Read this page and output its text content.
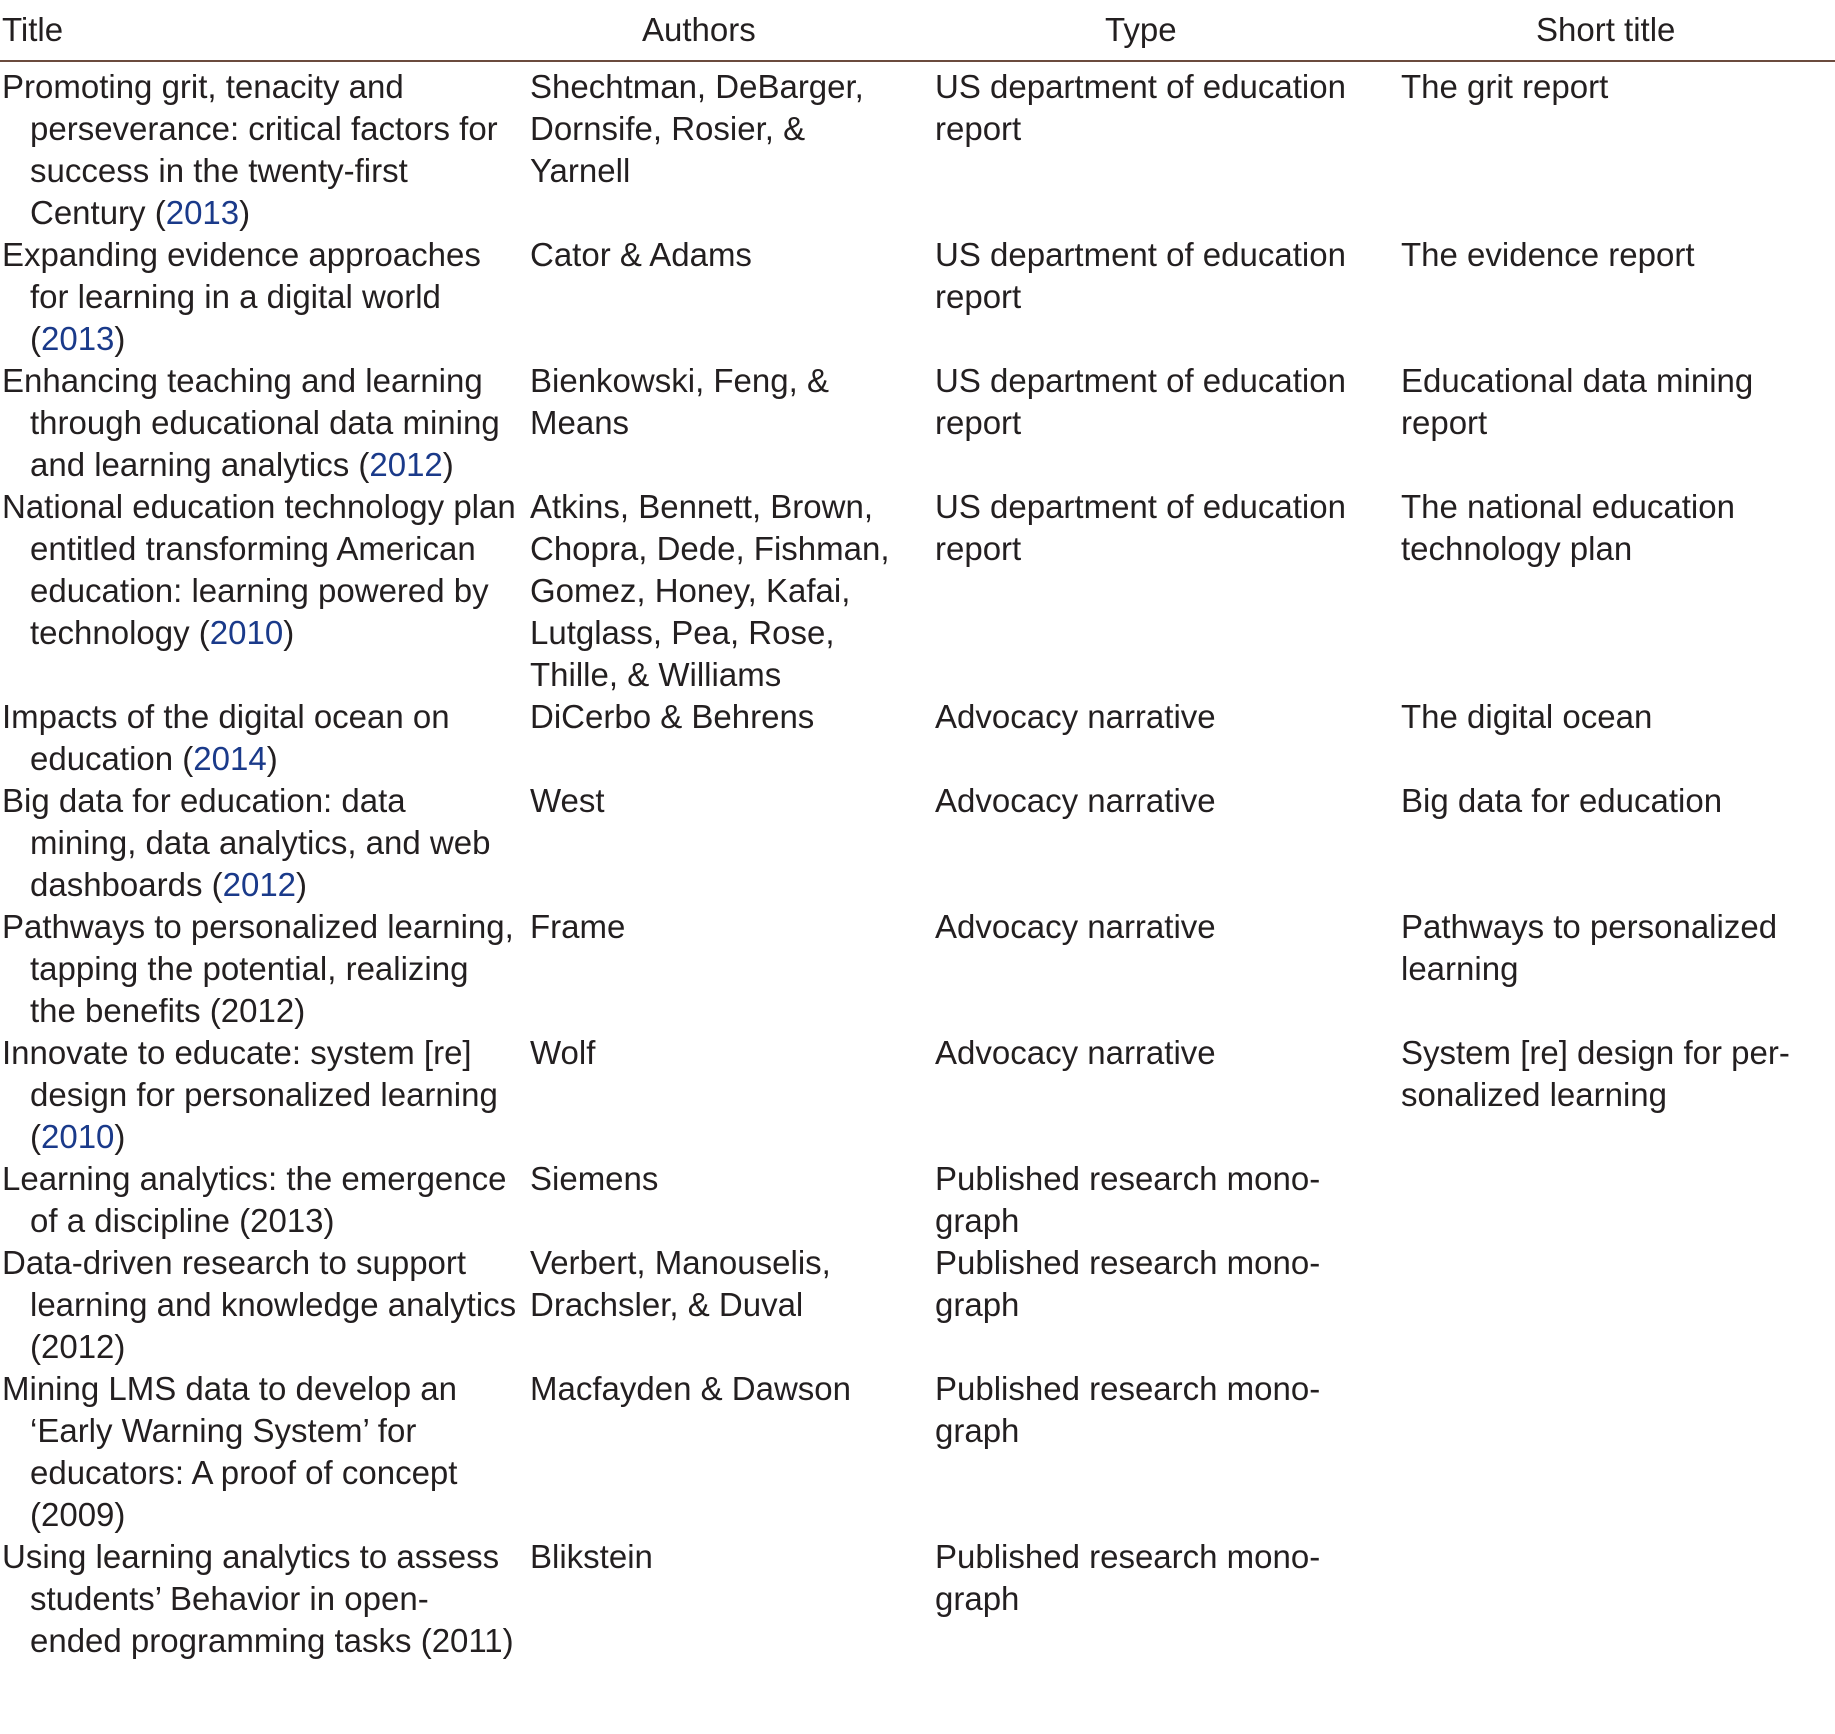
Title	Authors	Type	Short title
Promoting grit, tenacity and perseverance: critical factors for success in the twenty-first Century (2013)	Shechtman, DeBarger, Dornsife, Rosier, & Yarnell	US department of education report	The grit report
Expanding evidence approaches for learning in a digital world (2013)	Cator & Adams	US department of education report	The evidence report
Enhancing teaching and learning through educational data mining and learning analytics (2012)	Bienkowski, Feng, & Means	US department of education report	Educational data mining report
National education technology plan entitled transforming American education: learning powered by technology (2010)	Atkins, Bennett, Brown, Chopra, Dede, Fishman, Gomez, Honey, Kafai, Lutglass, Pea, Rose, Thille, & Williams	US department of education report	The national education technology plan
Impacts of the digital ocean on education (2014)	DiCerbo & Behrens	Advocacy narrative	The digital ocean
Big data for education: data mining, data analytics, and web dashboards (2012)	West	Advocacy narrative	Big data for education
Pathways to personalized learning, tapping the potential, realizing the benefits (2012)	Frame	Advocacy narrative	Pathways to personalized learning
Innovate to educate: system [re] design for personalized learning (2010)	Wolf	Advocacy narrative	System [re] design for personalized learning
Learning analytics: the emergence of a discipline (2013)	Siemens	Published research monograph	
Data-driven research to support learning and knowledge analytics (2012)	Verbert, Manouselis, Drachsler, & Duval	Published research monograph	
Mining LMS data to develop an ‘Early Warning System’ for educators: A proof of concept (2009)	Macfayden & Dawson	Published research monograph	
Using learning analytics to assess students’ Behavior in open-ended programming tasks (2011)	Blikstein	Published research monograph	
